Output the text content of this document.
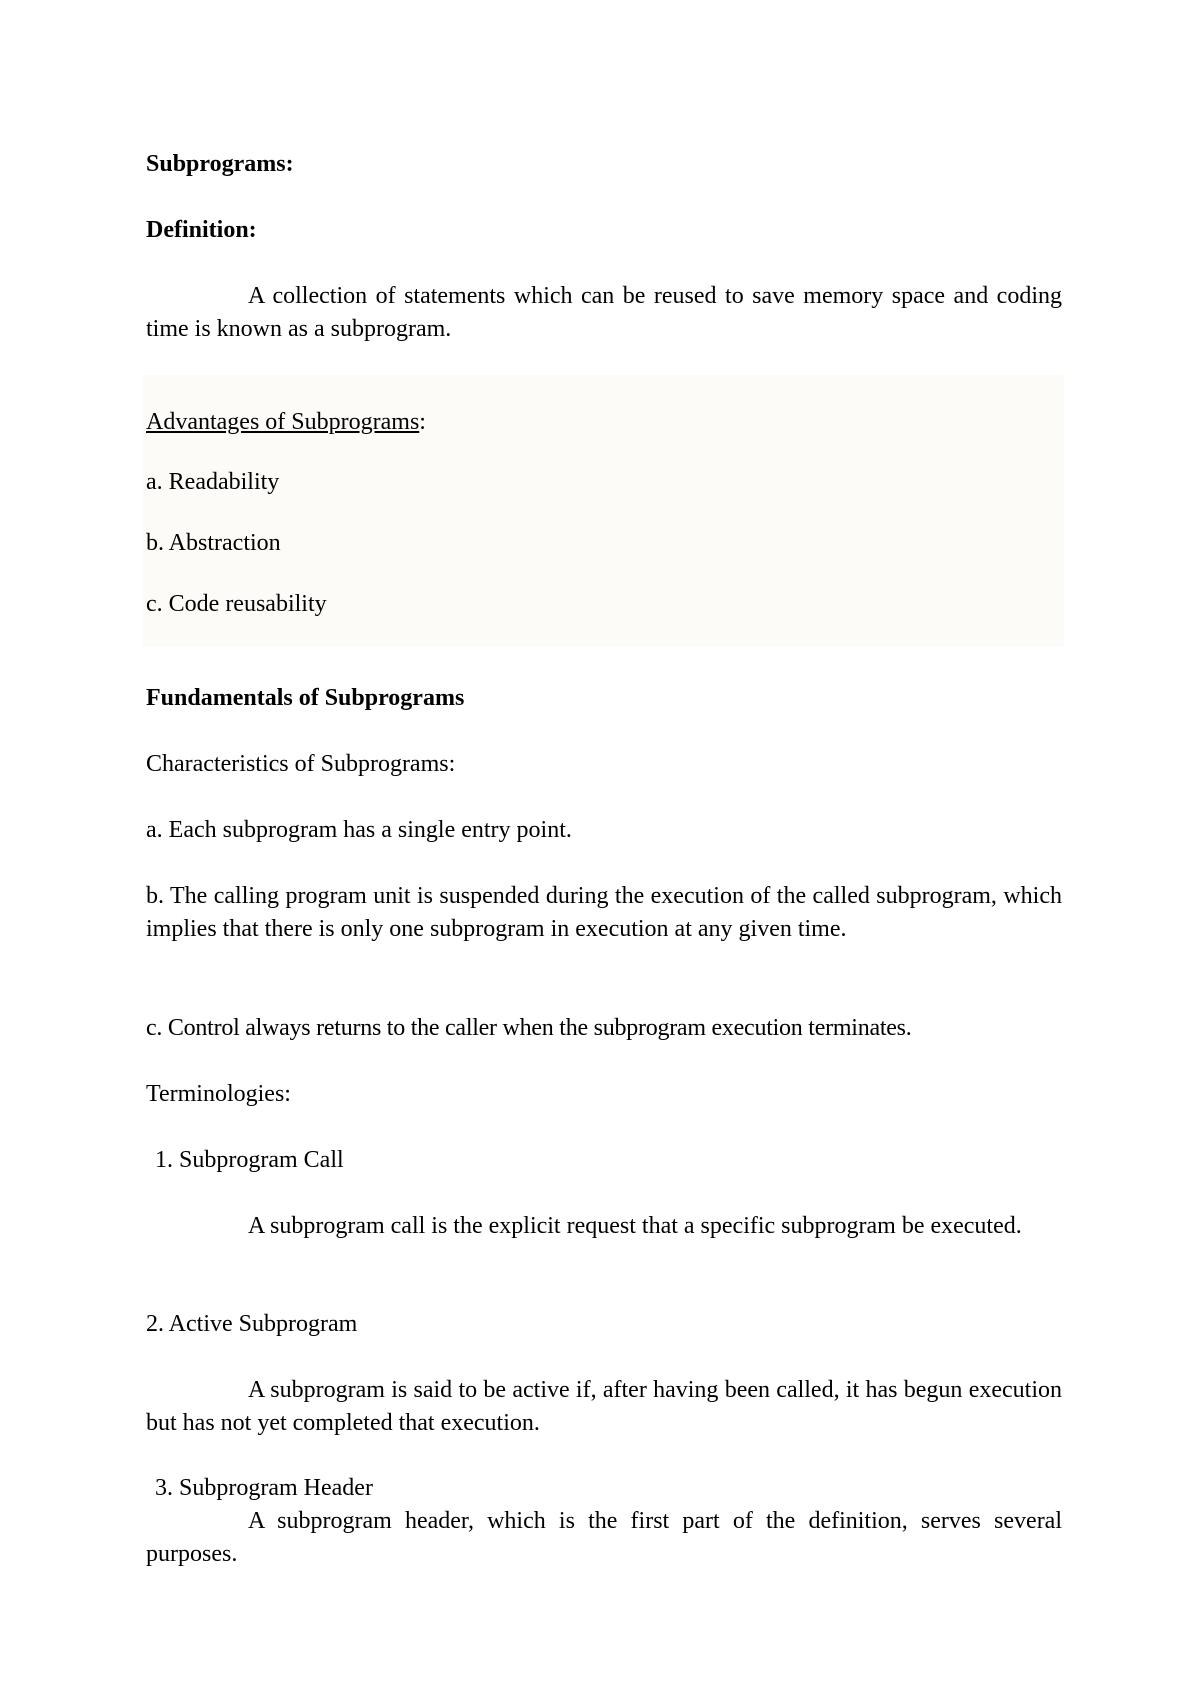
Subprograms:

Definition:

A collection of statements which can be reused to save memory space and coding time is known as a subprogram.

Advantages of Subprograms:

a. Readability

b. Abstraction

c. Code reusability

Fundamentals of Subprograms

Characteristics of Subprograms:

a. Each subprogram has a single entry point.

b. The calling program unit is suspended during the execution of the called subprogram, which implies that there is only one subprogram in execution at any given time.

c. Control always returns to the caller when the subprogram execution terminates.

Terminologies:

1. Subprogram Call

A subprogram call is the explicit request that a specific subprogram be executed.

2. Active Subprogram

A subprogram is said to be active if, after having been called, it has begun execution but has not yet completed that execution.

3. Subprogram Header

A subprogram header, which is the first part of the definition, serves several purposes.
